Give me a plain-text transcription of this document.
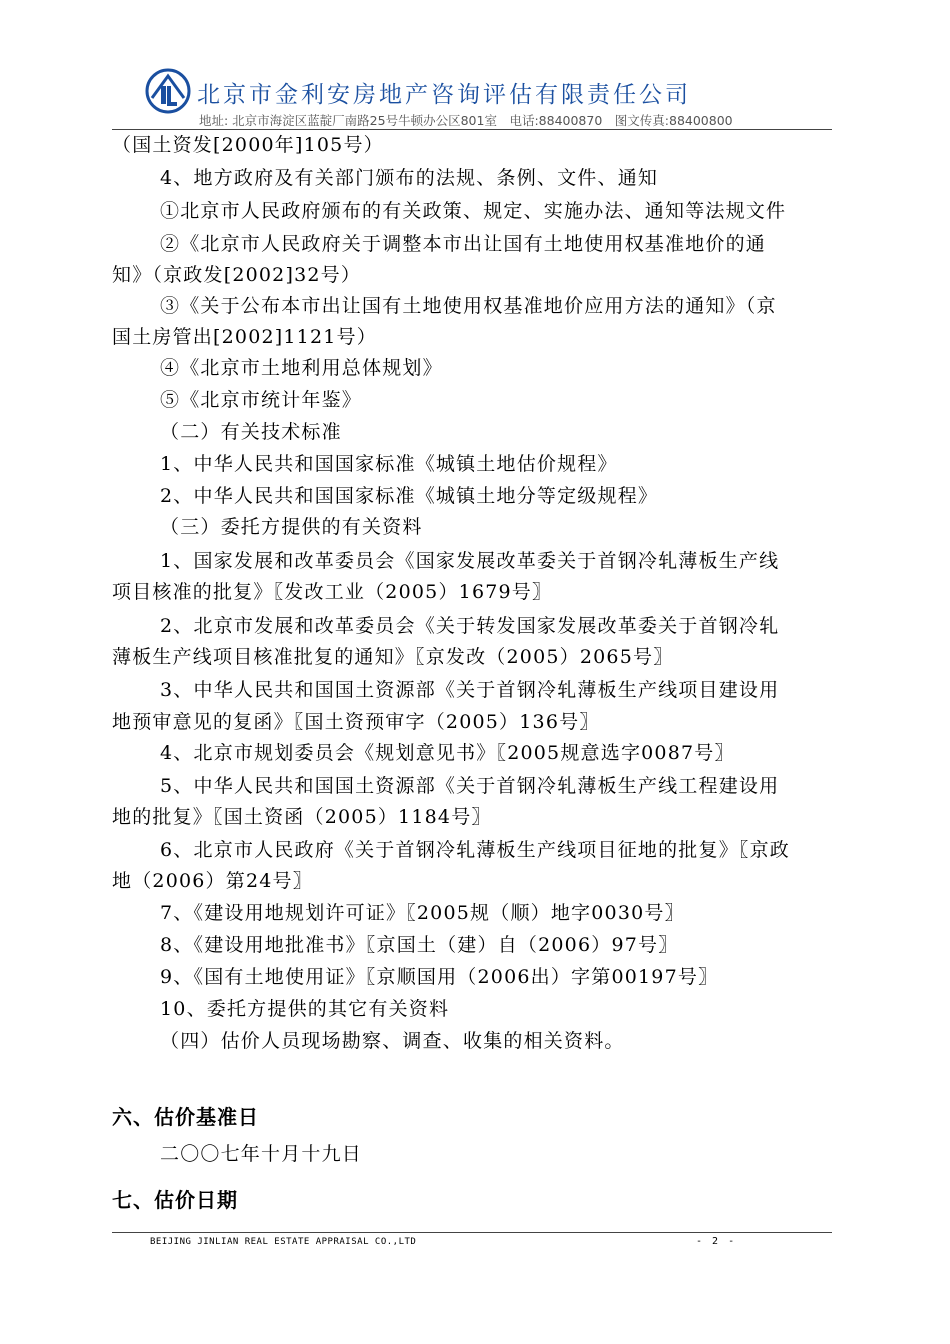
北京市金利安房地产咨询评估有限责任公司
地址: 北京市海淀区蓝靛厂南路25号牛顿办公区801室　电话:88400870　图文传真:88400800
（国土资发[2000年]105号）
4、地方政府及有关部门颁布的法规、条例、文件、通知
①北京市人民政府颁布的有关政策、规定、实施办法、通知等法规文件
②《北京市人民政府关于调整本市出让国有土地使用权基准地价的通
知》（京政发[2002]32号）
③《关于公布本市出让国有土地使用权基准地价应用方法的通知》（京
国土房管出[2002]1121号）
④《北京市土地利用总体规划》
⑤《北京市统计年鉴》
（二）有关技术标准
1、中华人民共和国国家标准《城镇土地估价规程》
2、中华人民共和国国家标准《城镇土地分等定级规程》
（三）委托方提供的有关资料
1、国家发展和改革委员会《国家发展改革委关于首钢冷轧薄板生产线
项目核准的批复》〖发改工业（2005）1679号〗
2、北京市发展和改革委员会《关于转发国家发展改革委关于首钢冷轧
薄板生产线项目核准批复的通知》〖京发改（2005）2065号〗
3、中华人民共和国国土资源部《关于首钢冷轧薄板生产线项目建设用
地预审意见的复函》〖国土资预审字（2005）136号〗
4、北京市规划委员会《规划意见书》〖2005规意选字0087号〗
5、中华人民共和国国土资源部《关于首钢冷轧薄板生产线工程建设用
地的批复》〖国土资函（2005）1184号〗
6、北京市人民政府《关于首钢冷轧薄板生产线项目征地的批复》〖京政
地（2006）第24号〗
7、《建设用地规划许可证》〖2005规（顺）地字0030号〗
8、《建设用地批准书》〖京国土（建）自（2006）97号〗
9、《国有土地使用证》〖京顺国用（2006出）字第00197号〗
10、委托方提供的其它有关资料
（四）估价人员现场勘察、调查、收集的相关资料。
六、估价基准日
二〇〇七年十月十九日
七、估价日期
BEIJING JINLIAN REAL ESTATE APPRAISAL CO.,LTD	- 2 -
